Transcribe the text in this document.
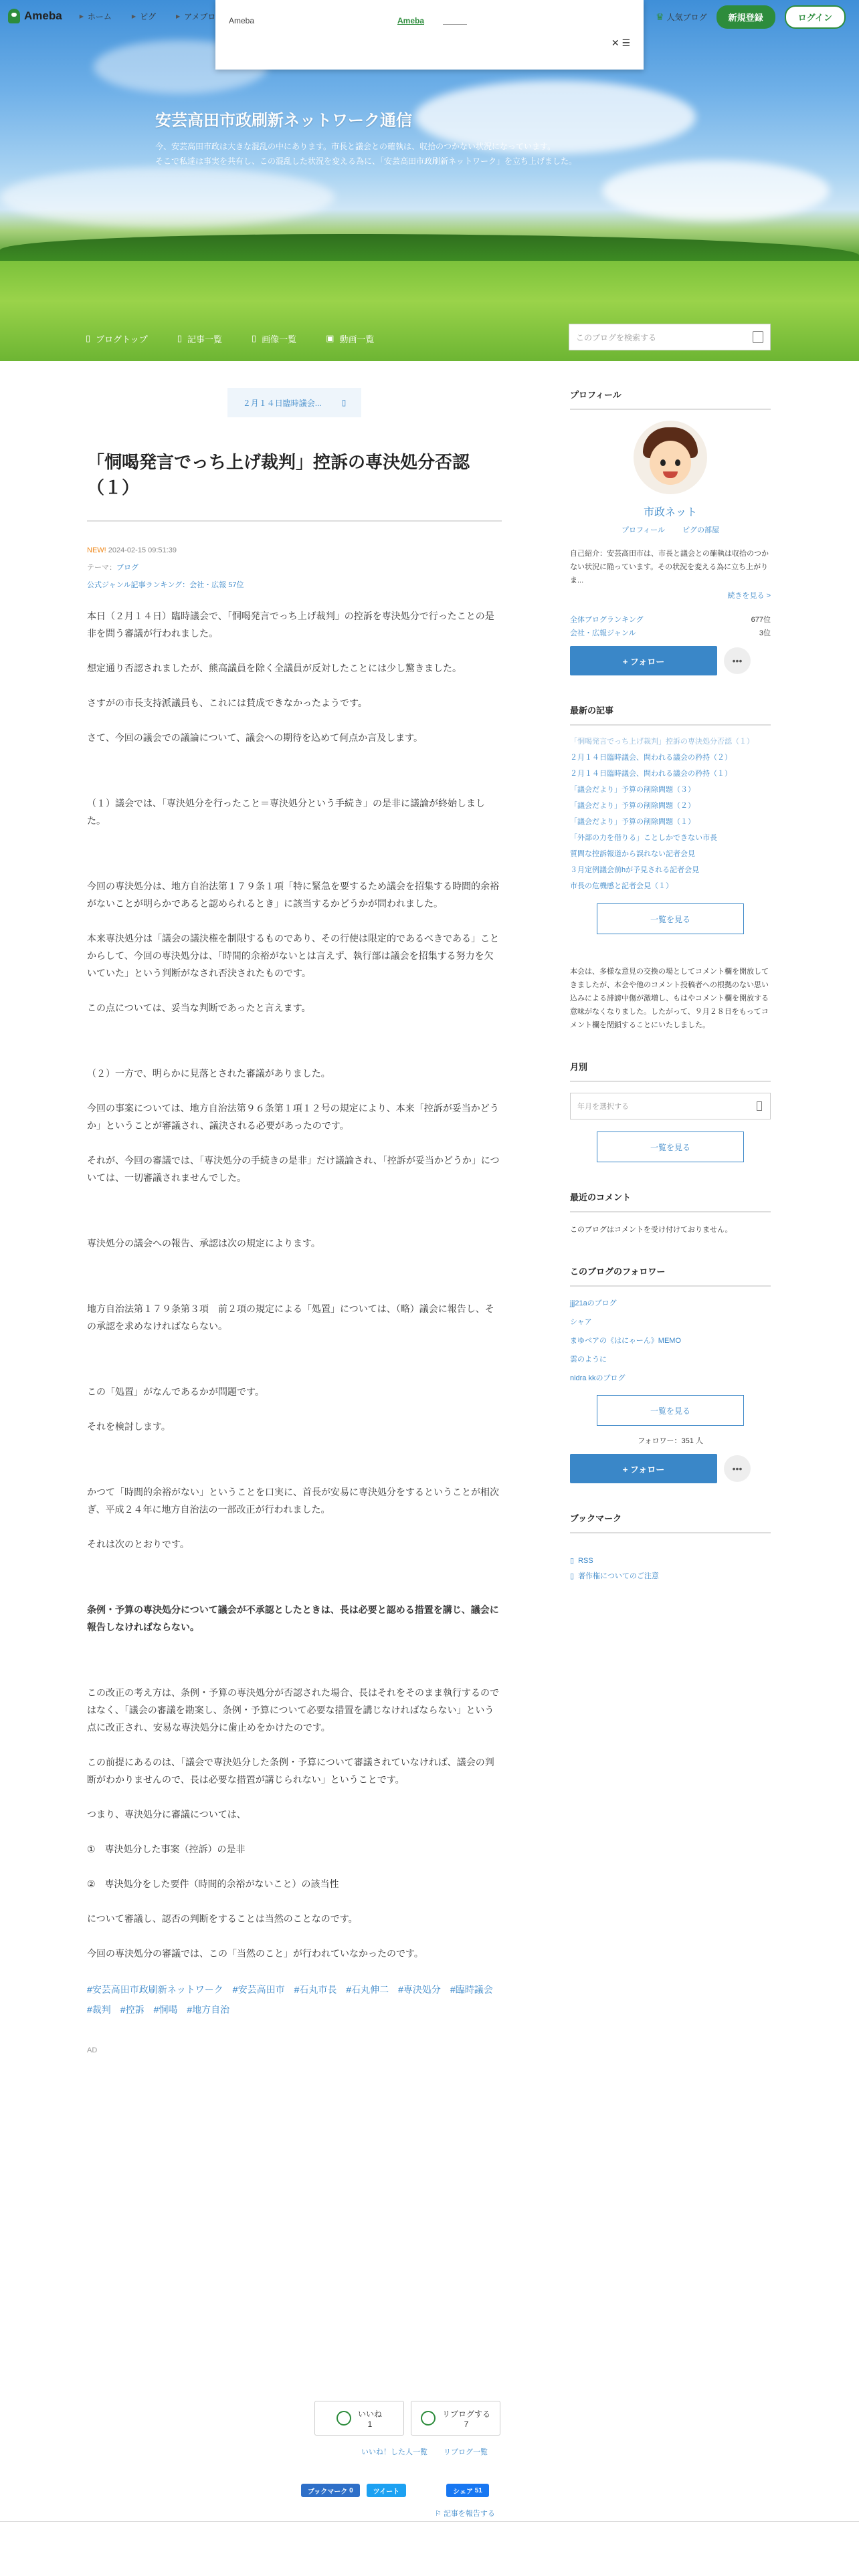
安芸高田市政刷新ネットワーク通信
今、安芸高田市政は大きな混乱の中にあります。市長と議会との確執は、収拾のつかない状況になっています。
そこで私達は事実を共有し、この混乱した状況を変える為に、「安芸高田市政刷新ネットワーク」を立ち上げました。
Ameba	▶ ホーム	▶ ピグ	▶ アメブロ	♛ 人気ブログ	新規登録	ログイン
Ameba	Ameba
✕ ☰
▯ ブログトップ	▯ 記事一覧	▯ 画像一覧	▣ 動画一覧	このブログを検索する
２月１４日臨時議会...	▯
「恫喝発言でっち上げ裁判」控訴の専決処分否認（１）
NEW! 2024-02-15 09:51:39
テーマ：ブログ
公式ジャンル記事ランキング：会社・広報 57位

本日（２月１４日）臨時議会で、「恫喝発言でっち上げ裁判」の控訴を専決処分で行ったことの是非を問う審議が行われました。

想定通り否認されましたが、熊高議員を除く全議員が反対したことには少し驚きました。

さすがの市長支持派議員も、これには賛成できなかったようです。

さて、今回の議会での議論について、議会への期待を込めて何点か言及します。

（１）議会では、「専決処分を行ったこと＝専決処分という手続き」の是非に議論が終始しました。

今回の専決処分は、地方自治法第１７９条１項「特に緊急を要するため議会を招集する時間的余裕がないことが明らかであると認められるとき」に該当するかどうかが問われました。

本来専決処分は「議会の議決権を制限するものであり、その行使は限定的であるべきである」ことからして、今回の専決処分は、「時間的余裕がないとは言えず、執行部は議会を招集する努力を欠いていた」という判断がなされ否決されたものです。

この点については、妥当な判断であったと言えます。

（２）一方で、明らかに見落とされた審議がありました。

今回の事案については、地方自治法第９６条第１項１２号の規定により、本来「控訴が妥当かどうか」ということが審議され、議決される必要があったのです。

それが、今回の審議では、「専決処分の手続きの是非」だけ議論され、「控訴が妥当かどうか」については、一切審議されませんでした。

専決処分の議会への報告、承認は次の規定によります。

地方自治法第１７９条第３項　前２項の規定による「処置」については、（略）議会に報告し、その承認を求めなければならない。

この「処置」がなんであるかが問題です。

それを検討します。

かつて「時間的余裕がない」ということを口実に、首長が安易に専決処分をするということが相次ぎ、平成２４年に地方自治法の一部改正が行われました。

それは次のとおりです。

条例・予算の専決処分について議会が不承認としたときは、長は必要と認める措置を講じ、議会に報告しなければならない。

この改正の考え方は、条例・予算の専決処分が否認された場合、長はそれをそのまま執行するのではなく、「議会の審議を勘案し、条例・予算について必要な措置を講じなければならない」という点に改正され、安易な専決処分に歯止めをかけたのです。

この前提にあるのは、「議会で専決処分した条例・予算について審議されていなければ、議会の判断がわかりませんので、長は必要な措置が講じられない」ということです。

つまり、専決処分に審議については、

①　専決処分した事案（控訴）の是非

②　専決処分をした要件（時間的余裕がないこと）の該当性

について審議し、認否の判断をすることは当然のことなのです。

今回の専決処分の審議では、この「当然のこと」が行われていなかったのです。

#安芸高田市政刷新ネットワーク　#安芸高田市　#石丸市長　#石丸伸二　#専決処分　#臨時議会　#裁判　#控訴　#恫喝　#地方自治
AD
いいね
1
リブログする
7
いいね！した人一覧 リブログ一覧
ブックマーク
0	ツイート	シェア
51
⚐ 記事を報告する
プロフィール
市政ネット
プロフィール ピグの部屋
自己紹介：安芸高田市は、市長と議会との確執は収拾のつかない状況に陥っています。その状況を変える為に立ち上がりま...
続きを見る >
全体ブログランキング	677位
会社・広報ジャンル	3位
+ フォロー	•••
最新の記事
「恫喝発言でっち上げ裁判」控訴の専決処分否認（１）
２月１４日臨時議会、問われる議会の矜持（２）
２月１４日臨時議会、問われる議会の矜持（１）
「議会だより」予算の削除問題（３）
「議会だより」予算の削除問題（２）
「議会だより」予算の削除問題（１）
「外部の力を借りる」ことしかできない市長
質問な控訴報道から誤れない記者会見
３月定例議会前hが予見される記者会見
市長の危機感と記者会見（１）
一覧を見る
本会は、多様な意見の交換の場としてコメント欄を開放してきましたが、本会や他のコメント投稿者への根拠のない思い込みによる誹謗中傷が激増し、もはやコメント欄を開放する意味がなくなりました。したがって、９月２８日をもってコメント欄を閉鎖することにいたしました。
月別
年月を選択する
一覧を見る
最近のコメント
このブログはコメントを受け付けておりません。
このブログのフォロワー
jjj21aのブログ
シャア
まゆベアの《はにゃーん》MEMO
雲のように
nidra kkのブログ
一覧を見る
フォロワー：351 人
+ フォロー	•••
ブックマーク
▯ RSS
▯ 著作権についてのご注意
